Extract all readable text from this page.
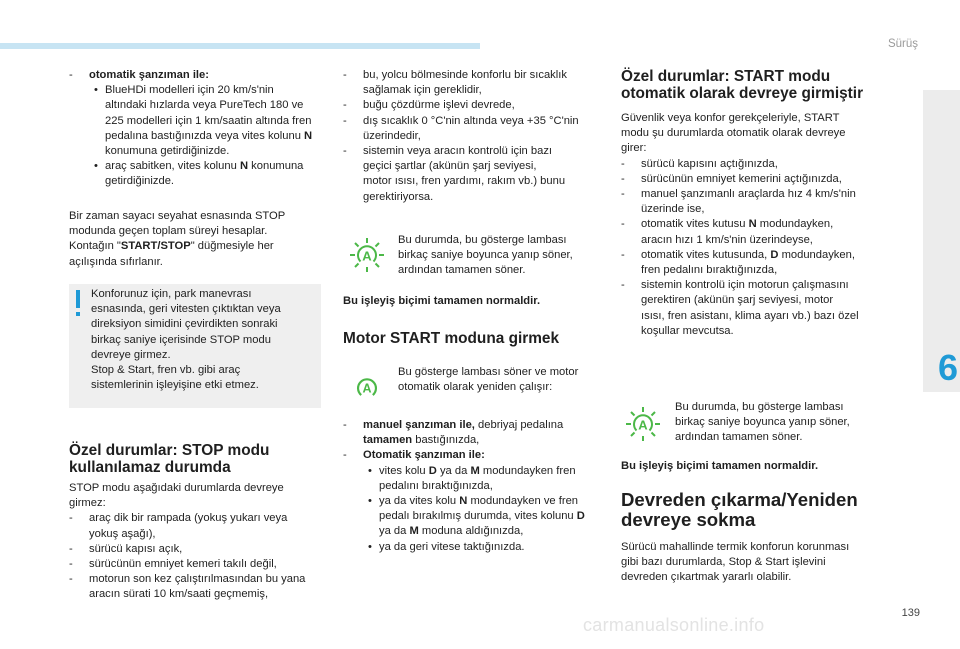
Sürüş
6
139
carmanualsonline.info
-	otomatik şanzıman ile:
• BlueHDi modelleri için 20 km/s'nin
altındaki hızlarda veya PureTech 180 ve
225 modelleri için 1 km/saatin altında fren
pedalına bastığınızda veya vites kolunu N
konumuna getirdiğinizde.
• araç sabitken, vites kolunu N konumuna
getirdiğinizde.

Bir zaman sayacı seyahat esnasında STOP

modunda geçen toplam süreyi hesaplar.

Kontağın "START/STOP" düğmesiyle her

açılışında sıfırlanır.

Konforunuz için, park manevrası

esnasında, geri vitesten çıktıktan veya

direksiyon simidini çevirdikten sonraki

birkaç saniye içerisinde STOP modu

devreye girmez.

Stop & Start, fren vb. gibi araç

sistemlerinin işleyişine etki etmez.

Özel durumlar: STOP modu
kullanılamaz durumda

STOP modu aşağıdaki durumlarda devreye

girmez:

-	araç dik bir rampada (yokuş yukarı veya
yokuş aşağı),
-	sürücü kapısı açık,
-	sürücünün emniyet kemeri takılı değil,
-	motorun son kez çalıştırılmasından bu yana
aracın sürati 10 km/saati geçmemiş,
-	bu, yolcu bölmesinde konforlu bir sıcaklık
sağlamak için gereklidir,
-	buğu çözdürme işlevi devrede,
-	dış sıcaklık 0 °C'nin altında veya +35 °C'nin
üzerindedir,
-	sistemin veya aracın kontrolü için bazı
geçici şartlar (akünün şarj seviyesi,
motor ısısı, fren yardımı, rakım vb.) bunu
gerektiriyorsa.
A

Bu durumda, bu gösterge lambası

birkaç saniye boyunca yanıp söner,

ardından tamamen söner.

Bu işleyiş biçimi tamamen normaldir.
Motor START moduna girmek
A

Bu gösterge lambası söner ve motor

otomatik olarak yeniden çalışır:

-	manuel şanzıman ile, debriyaj pedalına
tamamen bastığınızda,
-	Otomatik şanzıman ile:
• vites kolu D ya da M modundayken fren
pedalını bıraktığınızda,
• ya da vites kolu N modundayken ve fren
pedalı bırakılmış durumda, vites kolunu D
ya da M moduna aldığınızda,
• ya da geri vitese taktığınızda.
Özel durumlar: START modu
otomatik olarak devreye girmiştir

Güvenlik veya konfor gerekçeleriyle, START

modu şu durumlarda otomatik olarak devreye

girer:

-	sürücü kapısını açtığınızda,
-	sürücünün emniyet kemerini açtığınızda,
-	manuel şanzımanlı araçlarda hız 4 km/s'nin
üzerinde ise,
-	otomatik vites kutusu N modundayken,
aracın hızı 1 km/s'nin üzerindeyse,
-	otomatik vites kutusunda, D modundayken,
fren pedalını bıraktığınızda,
-	sistemin kontrolü için motorun çalışmasını
gerektiren (akünün şarj seviyesi, motor
ısısı, fren asistanı, klima ayarı vb.) bazı özel
koşullar mevcutsa.
A

Bu durumda, bu gösterge lambası

birkaç saniye boyunca yanıp söner,

ardından tamamen söner.

Bu işleyiş biçimi tamamen normaldir.
Devreden çıkarma/Yeniden
devreye sokma

Sürücü mahallinde termik konforun korunması

gibi bazı durumlarda, Stop & Start işlevini

devreden çıkartmak yararlı olabilir.
